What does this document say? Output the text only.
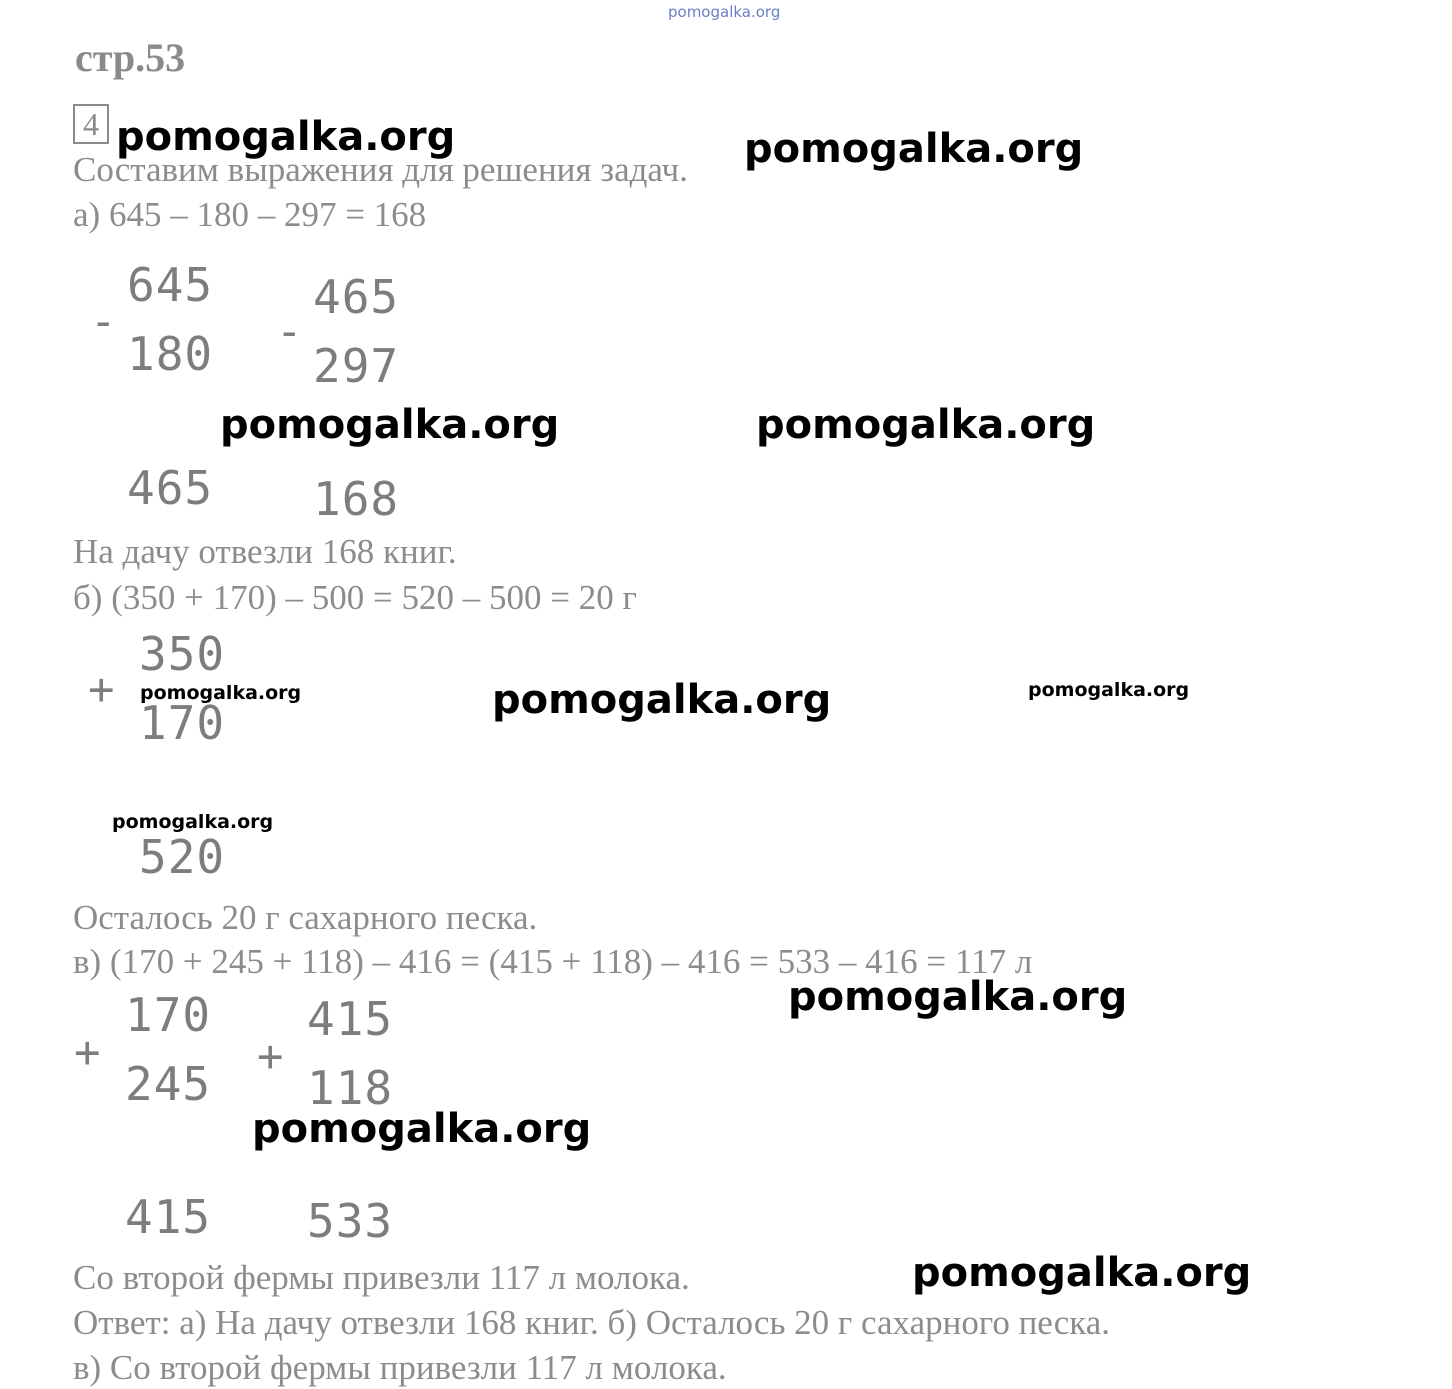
pomogalka.org
стр.53
4
Составим выражения для решения задач.
а) 645 – 180 – 297 = 168
645
-
180
465
465
-
297
168
На дачу отвезли 168 книг.
б) (350 + 170) – 500 = 520 – 500 = 20 г
350
+
170
520
Осталось 20 г сахарного песка.
в) (170 + 245 + 118) – 416 = (415 + 118) – 416 = 533 – 416 = 117 л
170
+
245
415
415
+
118
533
Со второй фермы привезли 117 л молока.
Ответ: а) На дачу отвезли 168 книг. б) Осталось 20 г сахарного песка.
в) Со второй фермы привезли 117 л молока.
pomogalka.org	pomogalka.org
pomogalka.org	pomogalka.org
pomogalka.org	pomogalka.org	pomogalka.org
pomogalka.org
pomogalka.org
pomogalka.org
pomogalka.org
